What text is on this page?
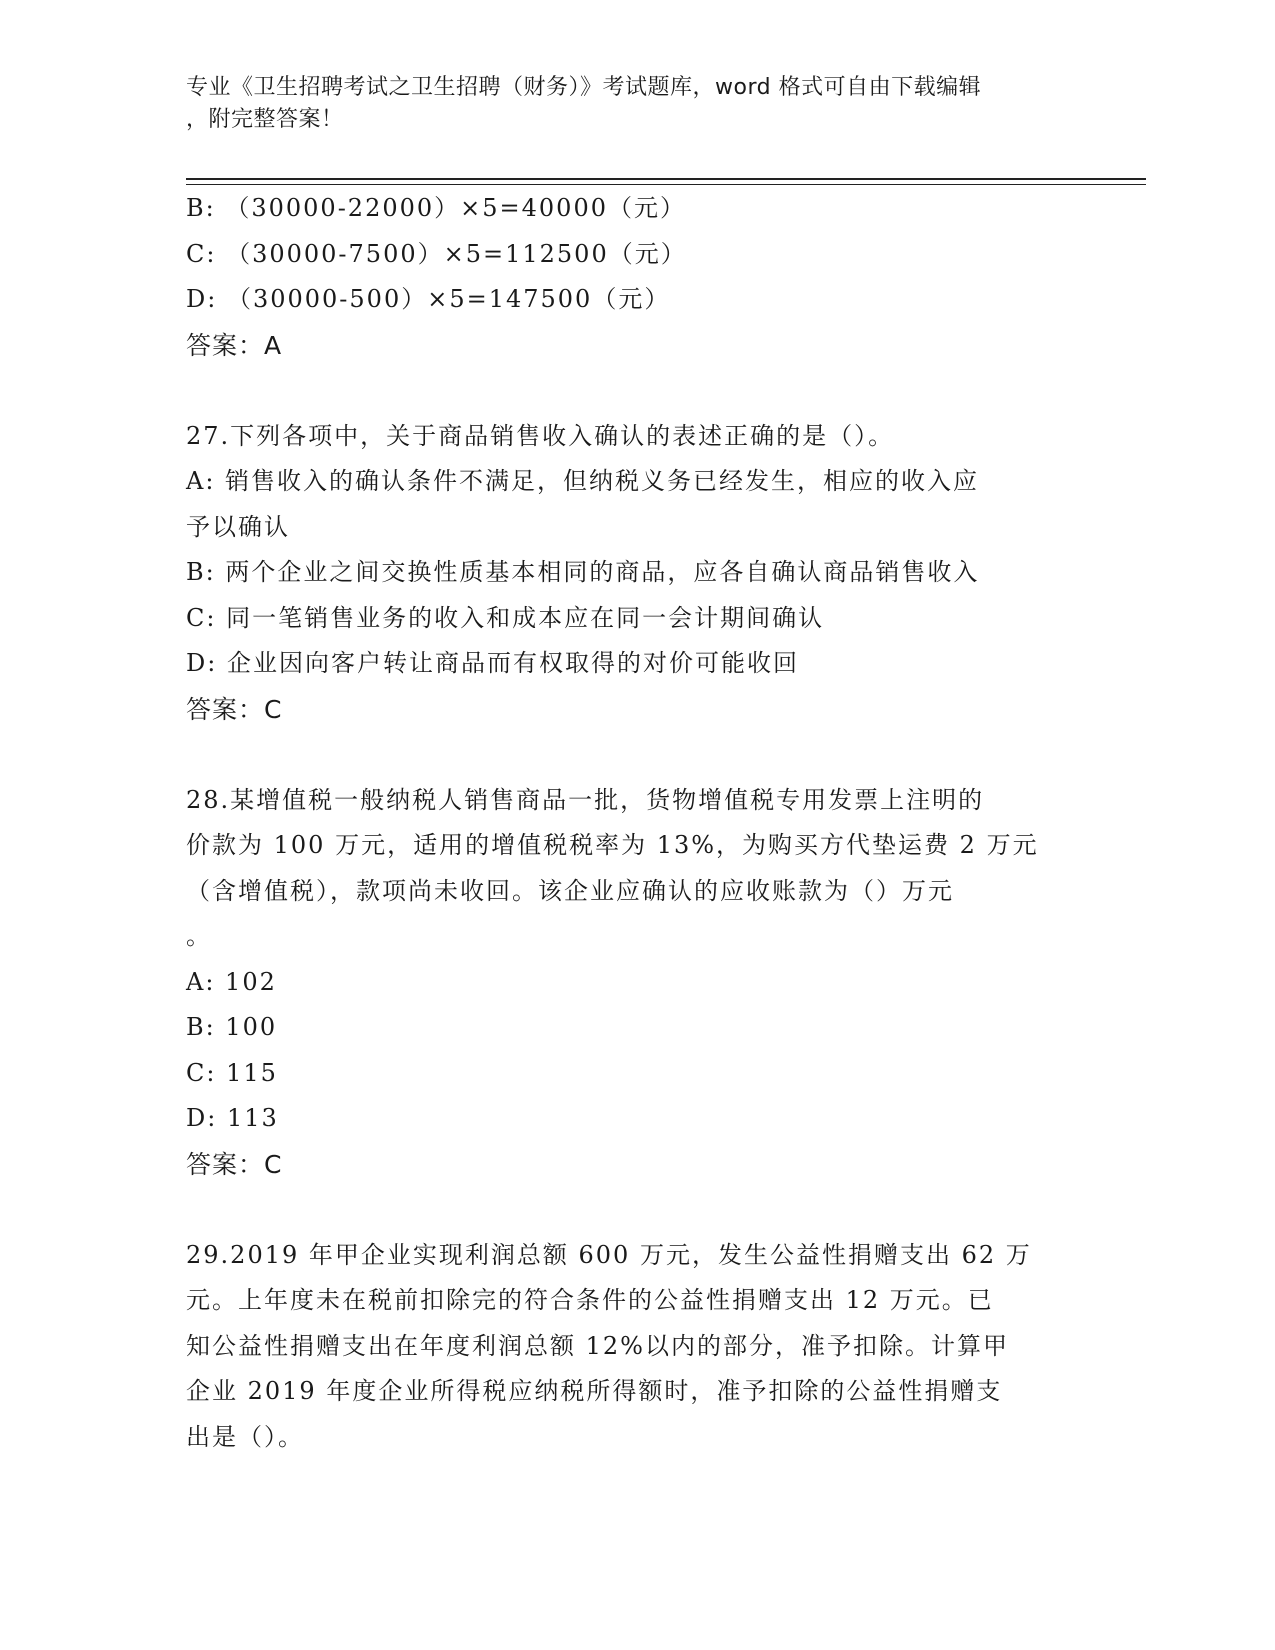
专业《卫生招聘考试之卫生招聘（财务）》考试题库，word 格式可自由下载编辑
，附完整答案！
B: （30000-22000）×5=40000（元）
C: （30000-7500）×5=112500（元）
D: （30000-500）×5=147500（元）
答案：A
27.下列各项中，关于商品销售收入确认的表述正确的是（）。
A: 销售收入的确认条件不满足，但纳税义务已经发生，相应的收入应
予以确认
B: 两个企业之间交换性质基本相同的商品，应各自确认商品销售收入
C: 同一笔销售业务的收入和成本应在同一会计期间确认
D: 企业因向客户转让商品而有权取得的对价可能收回
答案：C
28.某增值税一般纳税人销售商品一批，货物增值税专用发票上注明的
价款为 100 万元，适用的增值税税率为 13%，为购买方代垫运费 2 万元
（含增值税），款项尚未收回。该企业应确认的应收账款为（）万元
。
A: 102
B: 100
C: 115
D: 113
答案：C
29.2019 年甲企业实现利润总额 600 万元，发生公益性捐赠支出 62 万
元。上年度未在税前扣除完的符合条件的公益性捐赠支出 12 万元。已
知公益性捐赠支出在年度利润总额 12%以内的部分，准予扣除。计算甲
企业 2019 年度企业所得税应纳税所得额时，准予扣除的公益性捐赠支
出是（）。
